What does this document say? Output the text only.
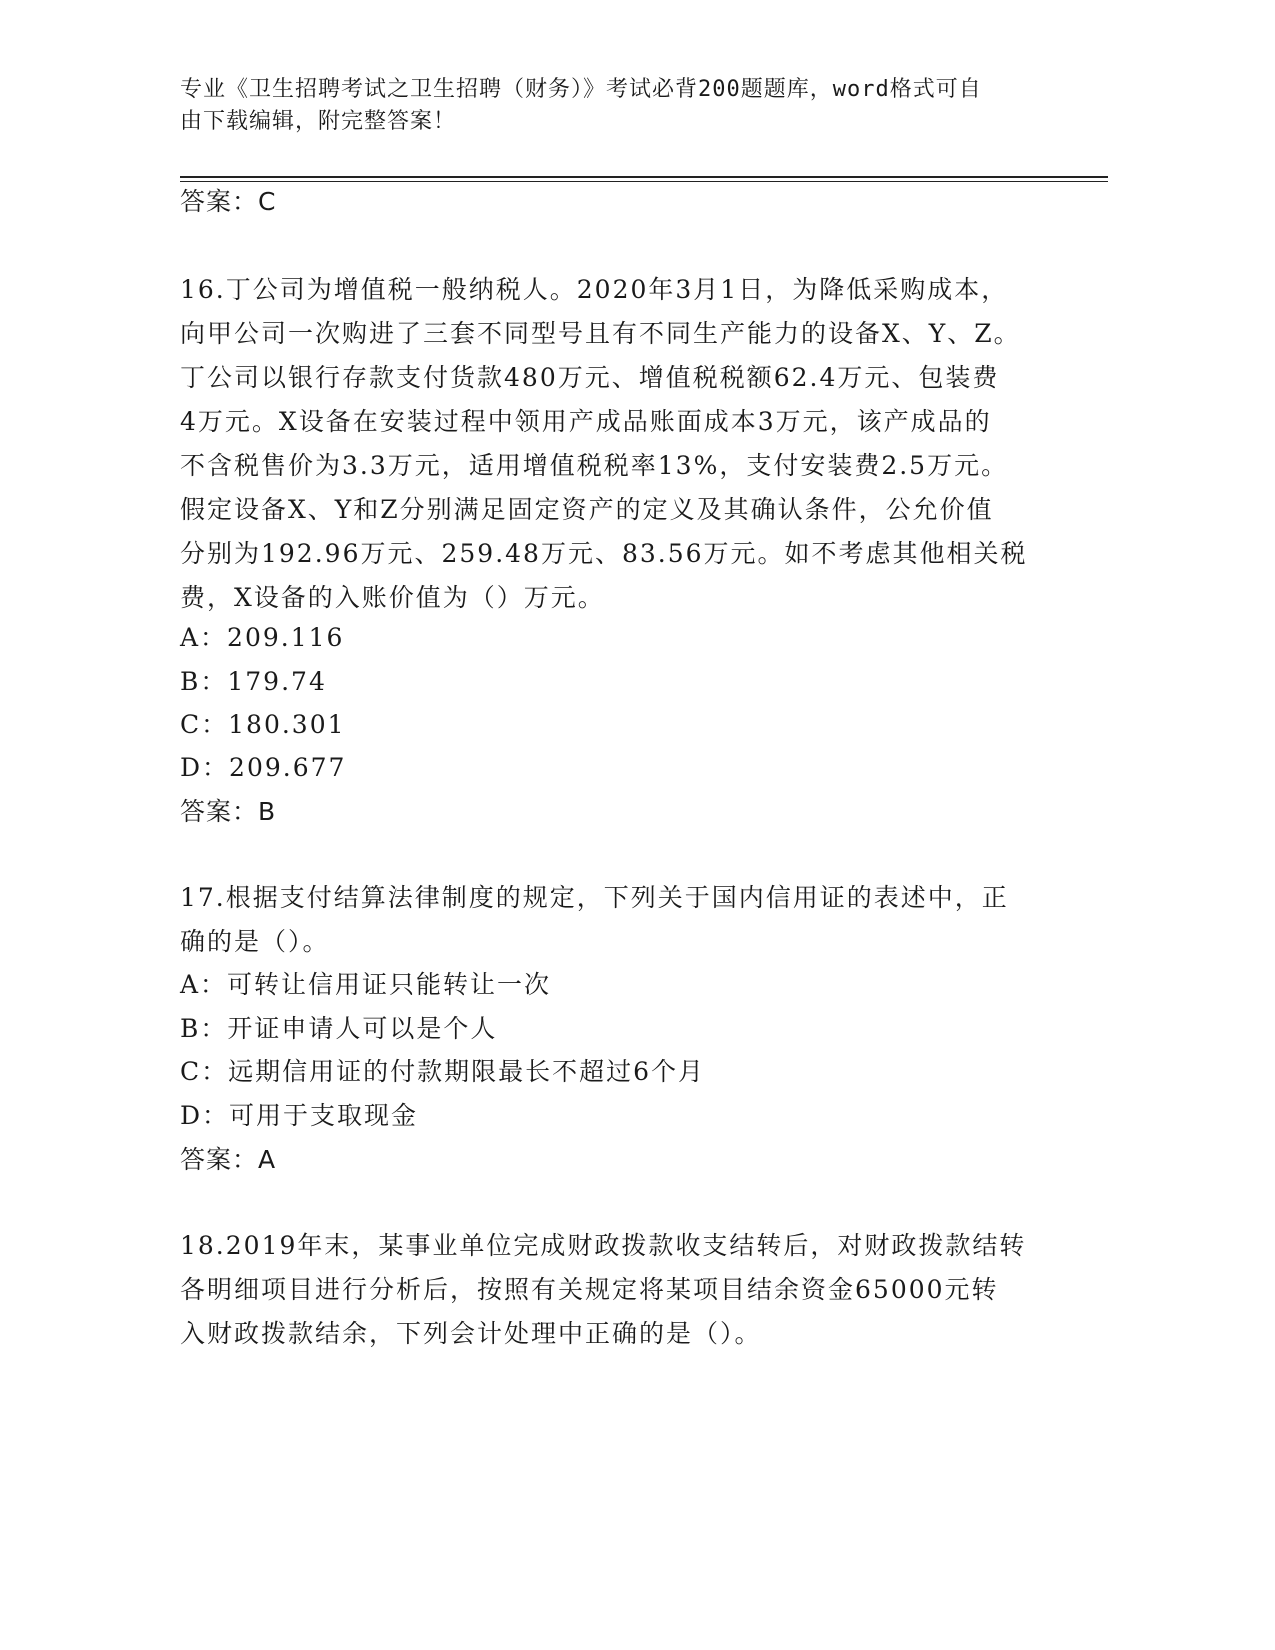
专业《卫生招聘考试之卫生招聘（财务）》考试必背200题题库，word格式可自
由下载编辑，附完整答案！
答案：C
16.丁公司为增值税一般纳税人。2020年3月1日，为降低采购成本，
向甲公司一次购进了三套不同型号且有不同生产能力的设备X、Y、Z。
丁公司以银行存款支付货款480万元、增值税税额62.4万元、包装费
4万元。X设备在安装过程中领用产成品账面成本3万元，该产成品的
不含税售价为3.3万元，适用增值税税率13%，支付安装费2.5万元。
假定设备X、Y和Z分别满足固定资产的定义及其确认条件，公允价值
分别为192.96万元、259.48万元、83.56万元。如不考虑其他相关税
费，X设备的入账价值为（）万元。
A：209.116
B：179.74
C：180.301
D：209.677
答案：B
17.根据支付结算法律制度的规定，下列关于国内信用证的表述中，正
确的是（）。
A：可转让信用证只能转让一次
B：开证申请人可以是个人
C：远期信用证的付款期限最长不超过6个月
D：可用于支取现金
答案：A
18.2019年末，某事业单位完成财政拨款收支结转后，对财政拨款结转
各明细项目进行分析后，按照有关规定将某项目结余资金65000元转
入财政拨款结余，下列会计处理中正确的是（）。
